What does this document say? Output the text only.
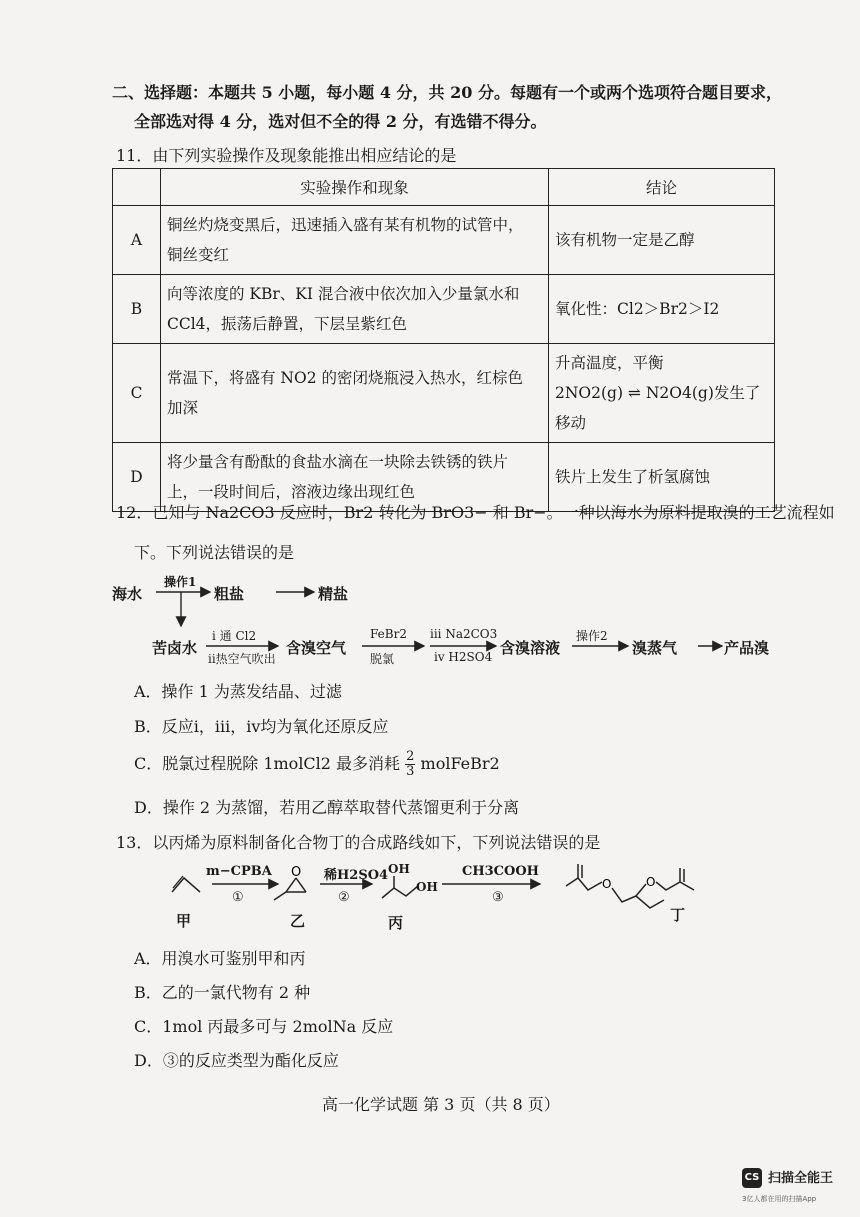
二、选择题：本题共 5 小题，每小题 4 分，共 20 分。每题有一个或两个选项符合题目要求，
全部选对得 4 分，选对但不全的得 2 分，有选错不得分。
11．由下列实验操作及现象能推出相应结论的是
	实验操作和现象	结论
A	铜丝灼烧变黑后，迅速插入盛有某有机物的试管中，
铜丝变红	该有机物一定是乙醇
B	向等浓度的 KBr、KI 混合液中依次加入少量氯水和
CCl4，振荡后静置，下层呈紫红色	氧化性：Cl2＞Br2＞I2
C	常温下，将盛有 NO2 的密闭烧瓶浸入热水，红棕色
加深	升高温度，平衡
2NO2(g) ⇌ N2O4(g)发生了移动
D	将少量含有酚酞的食盐水滴在一块除去铁锈的铁片
上，一段时间后，溶液边缘出现红色	铁片上发生了析氢腐蚀
12．已知与 Na2CO3 反应时，Br2 转化为 BrO3− 和 Br−。一种以海水为原料提取溴的工艺流程如
下。下列说法错误的是
海水
操作1
粗盐	精盐
苦卤水
i 通 Cl2
ii热空气吹出
含溴空气
FeBr2
脱氯
iii Na2CO3
iv H2SO4 含溴溶液
操作2
溴蒸气	产品溴
A．操作 1 为蒸发结晶、过滤
B．反应i，iii，iv均为氧化还原反应
C．脱氯过程脱除 1molCl2 最多消耗 $\frac{2}{3}$ molFeBr2
D．操作 2 为蒸馏，若用乙醇萃取替代蒸馏更利于分离
13．以丙烯为原料制备化合物丁的合成路线如下，下列说法错误的是
O
O	O
m−CPBA
①
稀H2SO4
②
OH
OH
CH3COOH
③
甲	乙	丙	丁
A．用溴水可鉴别甲和丙
B．乙的一氯代物有 2 种
C．1mol 丙最多可与 2molNa 反应
D．③的反应类型为酯化反应
高一化学试题 第 3 页（共 8 页）
CS 扫描全能王
3亿人都在用的扫描App
